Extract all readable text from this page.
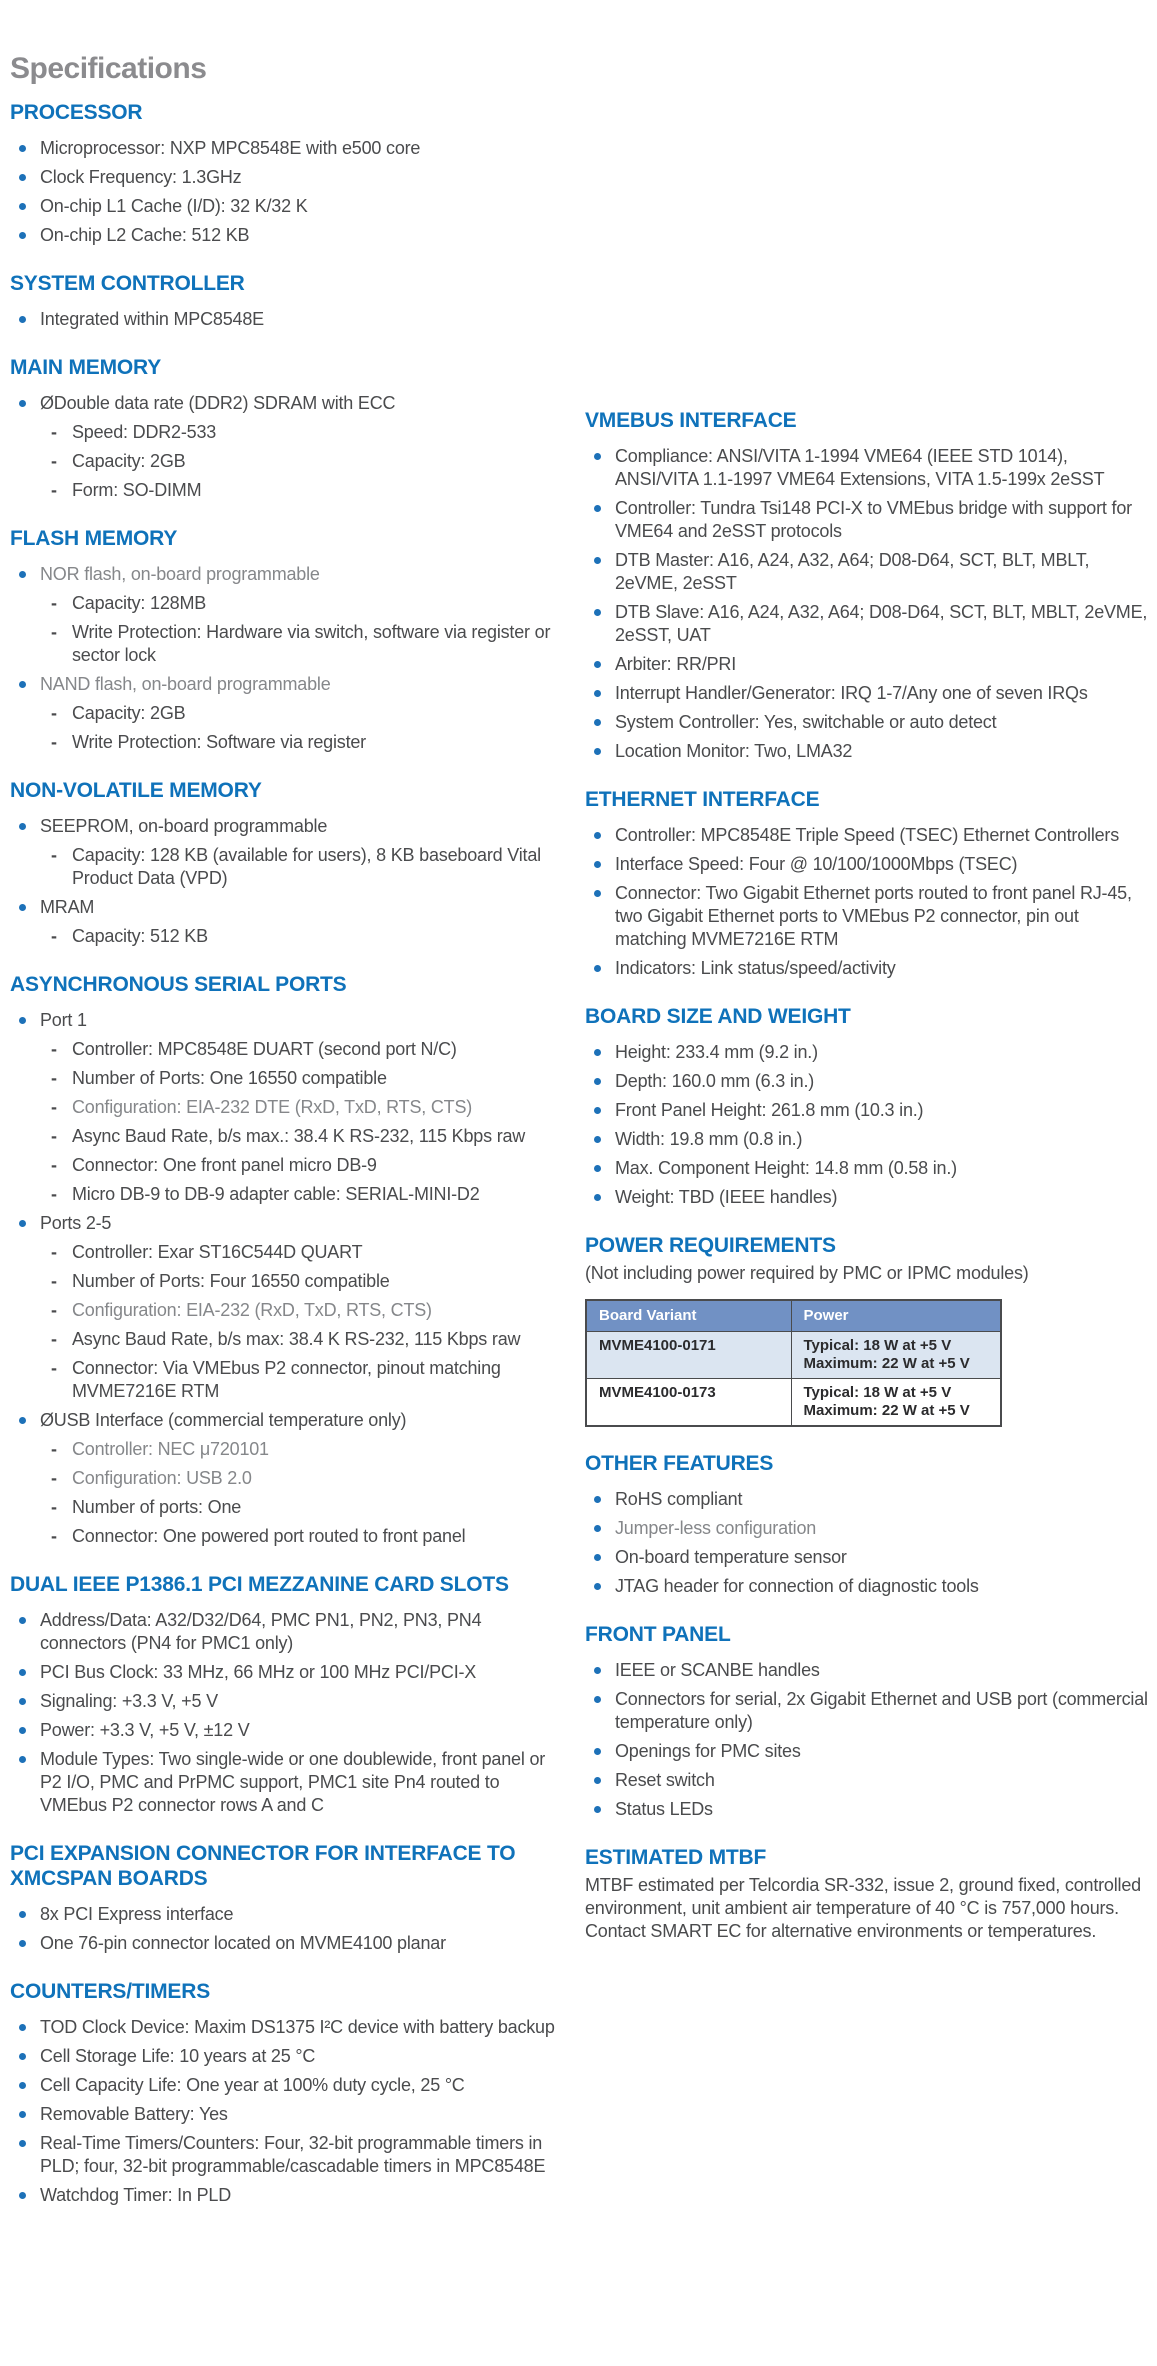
Specifications
PROCESSOR
Microprocessor: NXP MPC8548E with e500 core
Clock Frequency: 1.3GHz
On-chip L1 Cache (I/D): 32 K/32 K
On-chip L2 Cache: 512 KB
SYSTEM CONTROLLER
Integrated within MPC8548E
MAIN MEMORY
ØDouble data rate (DDR2) SDRAM with ECC
- Speed: DDR2-533
- Capacity: 2GB
- Form: SO-DIMM
FLASH MEMORY
NOR flash, on-board programmable
- Capacity: 128MB
- Write Protection: Hardware via switch, software via register or sector lock
NAND flash, on-board programmable
- Capacity: 2GB
- Write Protection: Software via register
NON-VOLATILE MEMORY
SEEPROM, on-board programmable
- Capacity: 128 KB (available for users), 8 KB baseboard Vital Product Data (VPD)
MRAM
- Capacity: 512 KB
ASYNCHRONOUS SERIAL PORTS
Port 1
- Controller: MPC8548E DUART (second port N/C)
- Number of Ports: One 16550 compatible
- Configuration: EIA-232 DTE (RxD, TxD, RTS, CTS)
- Async Baud Rate, b/s max.: 38.4 K RS-232, 115 Kbps raw
- Connector: One front panel micro DB-9
- Micro DB-9 to DB-9 adapter cable: SERIAL-MINI-D2
Ports 2-5
- Controller: Exar ST16C544D QUART
- Number of Ports: Four 16550 compatible
- Configuration: EIA-232 (RxD, TxD, RTS, CTS)
- Async Baud Rate, b/s max: 38.4 K RS-232, 115 Kbps raw
- Connector: Via VMEbus P2 connector, pinout matching MVME7216E RTM
ØUSB Interface (commercial temperature only)
- Controller: NEC μ720101
- Configuration: USB 2.0
- Number of ports: One
- Connector: One powered port routed to front panel
DUAL IEEE P1386.1 PCI MEZZANINE CARD SLOTS
Address/Data: A32/D32/D64, PMC PN1, PN2, PN3, PN4 connectors (PN4 for PMC1 only)
PCI Bus Clock: 33 MHz, 66 MHz or 100 MHz PCI/PCI-X
Signaling: +3.3 V, +5 V
Power: +3.3 V, +5 V, ±12 V
Module Types: Two single-wide or one doublewide, front panel or P2 I/O, PMC and PrPMC support, PMC1 site Pn4 routed to VMEbus P2 connector rows A and C
PCI EXPANSION CONNECTOR FOR INTERFACE TO XMCSPAN BOARDS
8x PCI Express interface
One 76-pin connector located on MVME4100 planar
COUNTERS/TIMERS
TOD Clock Device: Maxim DS1375 I²C device with battery backup
Cell Storage Life: 10 years at 25 °C
Cell Capacity Life: One year at 100% duty cycle, 25 °C
Removable Battery: Yes
Real-Time Timers/Counters: Four, 32-bit programmable timers in PLD; four, 32-bit programmable/cascadable timers in MPC8548E
Watchdog Timer: In PLD
VMEBUS INTERFACE
Compliance: ANSI/VITA 1-1994 VME64 (IEEE STD 1014), ANSI/VITA 1.1-1997 VME64 Extensions, VITA 1.5-199x 2eSST
Controller: Tundra Tsi148 PCI-X to VMEbus bridge with support for VME64 and 2eSST protocols
DTB Master: A16, A24, A32, A64; D08-D64, SCT, BLT, MBLT, 2eVME, 2eSST
DTB Slave: A16, A24, A32, A64; D08-D64, SCT, BLT, MBLT, 2eVME, 2eSST, UAT
Arbiter: RR/PRI
Interrupt Handler/Generator: IRQ 1-7/Any one of seven IRQs
System Controller: Yes, switchable or auto detect
Location Monitor: Two, LMA32
ETHERNET INTERFACE
Controller: MPC8548E Triple Speed (TSEC) Ethernet Controllers
Interface Speed: Four @ 10/100/1000Mbps (TSEC)
Connector: Two Gigabit Ethernet ports routed to front panel RJ-45, two Gigabit Ethernet ports to VMEbus P2 connector, pin out matching MVME7216E RTM
Indicators: Link status/speed/activity
BOARD SIZE AND WEIGHT
Height: 233.4 mm (9.2 in.)
Depth: 160.0 mm (6.3 in.)
Front Panel Height: 261.8 mm (10.3 in.)
Width: 19.8 mm (0.8 in.)
Max. Component Height: 14.8 mm (0.58 in.)
Weight: TBD (IEEE handles)
POWER REQUIREMENTS

(Not including power required by PMC or IPMC modules)

Board Variant	Power
MVME4100-0171	Typical: 18 W at +5 V Maximum: 22 W at +5 V
MVME4100-0173	Typical: 18 W at +5 V Maximum: 22 W at +5 V
OTHER FEATURES
RoHS compliant
Jumper-less configuration
On-board temperature sensor
JTAG header for connection of diagnostic tools
FRONT PANEL
IEEE or SCANBE handles
Connectors for serial, 2x Gigabit Ethernet and USB port (commercial temperature only)
Openings for PMC sites
Reset switch
Status LEDs
ESTIMATED MTBF

MTBF estimated per Telcordia SR-332, issue 2, ground fixed, controlled environment, unit ambient air temperature of 40 °C is 757,000 hours. Contact SMART EC for alternative environments or temperatures.
